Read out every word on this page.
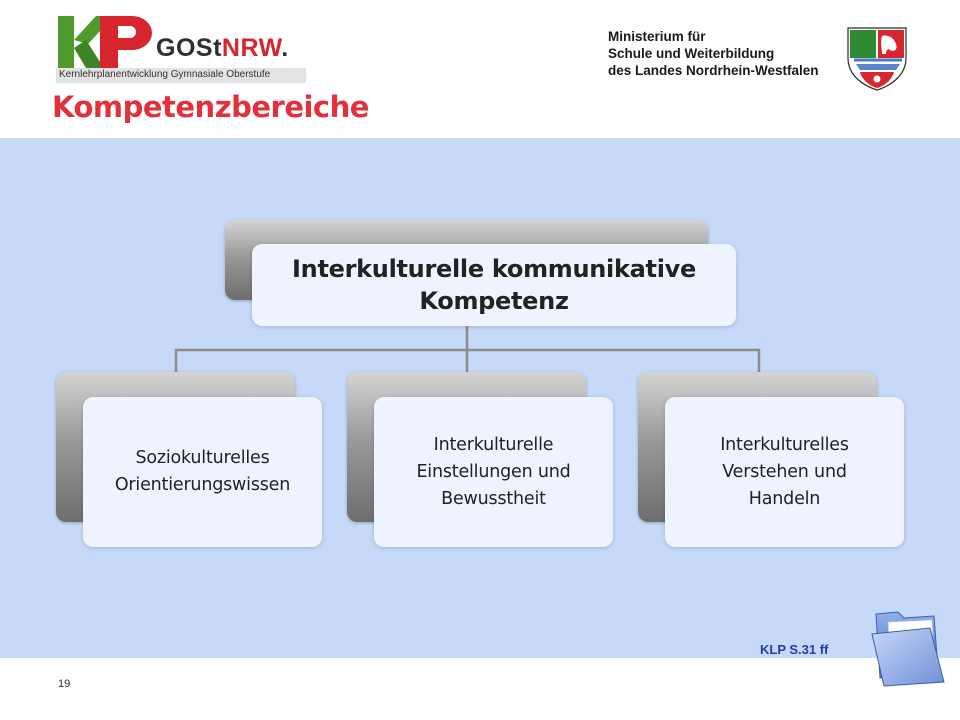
GOStNRW.
Kernlehrplanentwicklung Gymnasiale Oberstufe
Kompetenzbereiche
Ministerium für
Schule und Weiterbildung
des Landes Nordrhein-Westfalen
Interkulturelle kommunikative
Kompetenz
Soziokulturelles
Orientierungswissen
Interkulturelle
Einstellungen und
Bewusstheit
Interkulturelles
Verstehen und
Handeln
KLP S.31 ff
19
